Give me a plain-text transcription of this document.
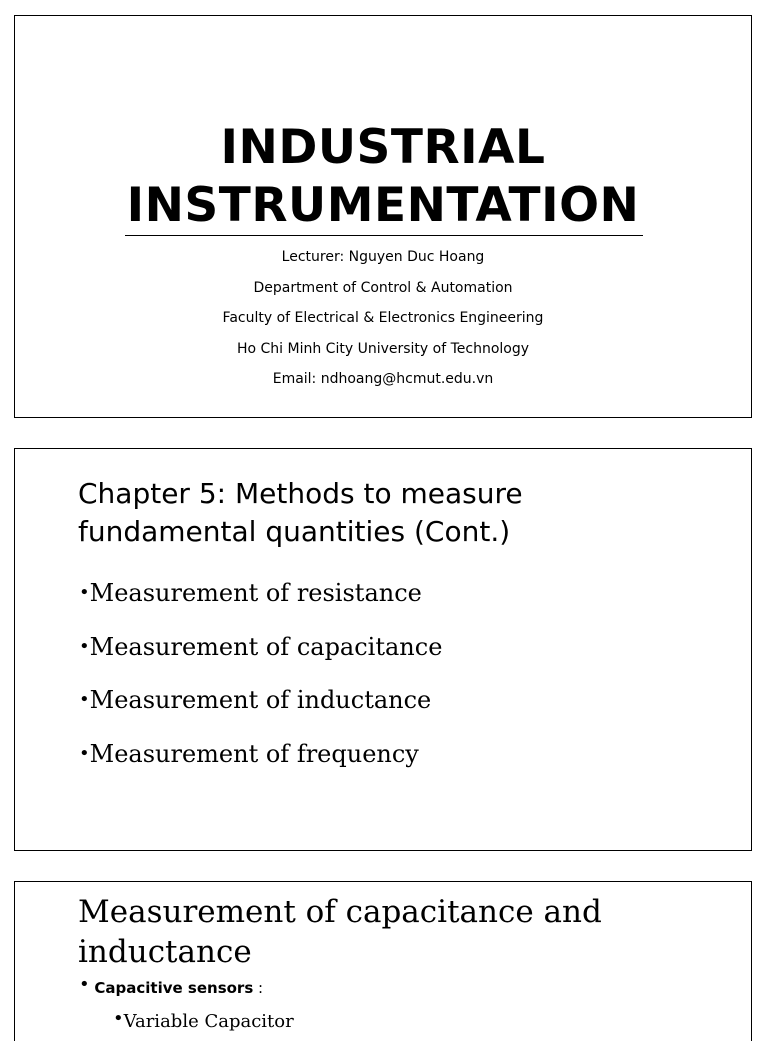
INDUSTRIAL
INSTRUMENTATION
Lecturer: Nguyen Duc Hoang
Department of Control & Automation
Faculty of Electrical & Electronics Engineering
Ho Chi Minh City University of Technology
Email: ndhoang@hcmut.edu.vn
Chapter 5: Methods to measure
fundamental quantities (Cont.)
•Measurement of resistance
•Measurement of capacitance
•Measurement of inductance
•Measurement of frequency
Measurement of capacitance and inductance
• Capacitive sensors :
•Variable Capacitor
